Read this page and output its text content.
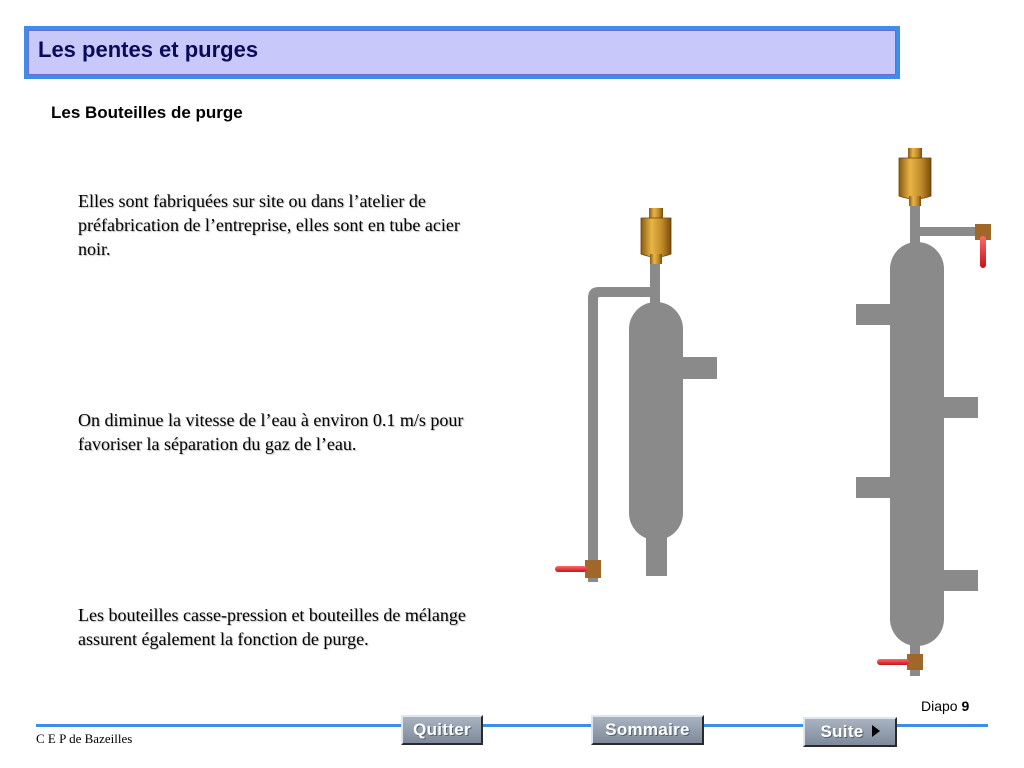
Les pentes et purges
Les Bouteilles de purge
Elles sont fabriquées sur site ou dans l’atelier de préfabrication de l’entreprise, elles sont en tube acier noir.
On diminue la vitesse de l’eau à environ 0.1 m/s pour favoriser la séparation du gaz de l’eau.
Les bouteilles casse-pression et bouteilles de mélange assurent également la fonction de purge.
Diapo 9
C E P de Bazeilles	Quitter	Sommaire	Suite
